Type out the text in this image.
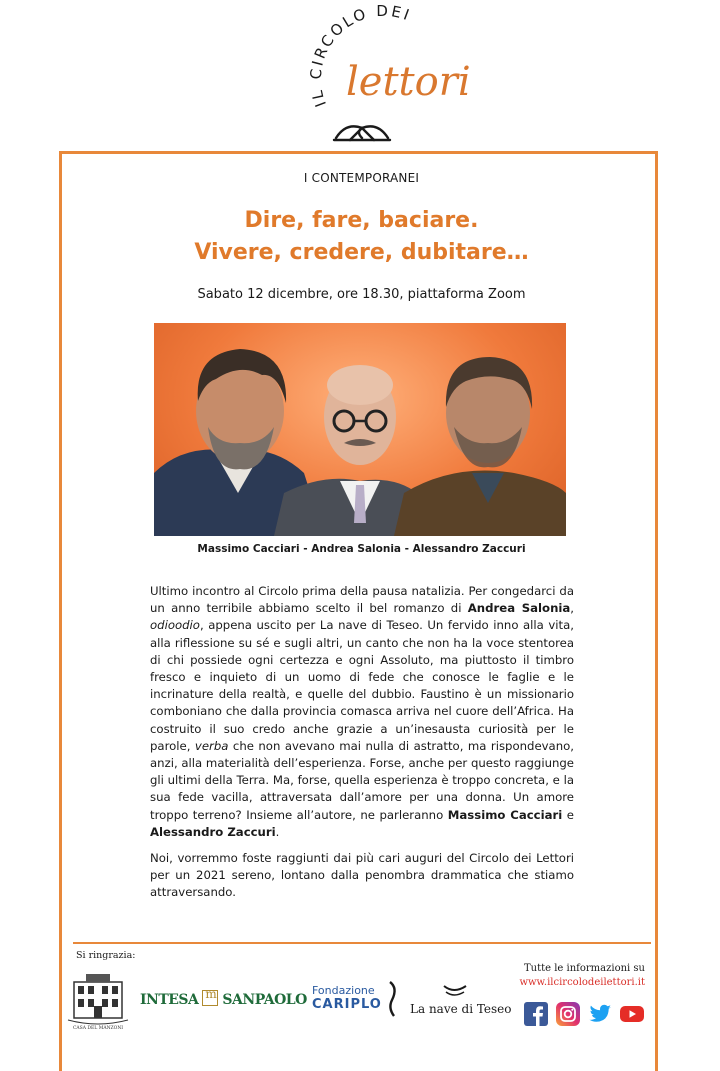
IL CIRCOLO DEI
lettori
I CONTEMPORANEI
Dire, fare, baciare.
Vivere, credere, dubitare…
Sabato 12 dicembre, ore 18.30, piattaforma Zoom
Massimo Cacciari - Andrea Salonia - Alessandro Zaccuri

Ultimo incontro al Circolo prima della pausa natalizia. Per congedarci da un anno terribile abbiamo scelto il bel romanzo di Andrea Salonia, odioodio, appena uscito per La nave di Teseo. Un fervido inno alla vita, alla riflessione su sé e sugli altri, un canto che non ha la voce stentorea di chi possiede ogni certezza e ogni Assoluto, ma piuttosto il timbro fresco e inquieto di un uomo di fede che conosce le faglie e le incrinature della realtà, e quelle del dubbio. Faustino è un missionario comboniano che dalla provincia comasca arriva nel cuore dell’Africa. Ha costruito il suo credo anche grazie a un’inesausta curiosità per le parole, verba che non avevano mai nulla di astratto, ma rispondevano, anzi, alla materialità dell’esperienza. Forse, anche per questo raggiunge gli ultimi della Terra. Ma, forse, quella esperienza è troppo concreta, e la sua fede vacilla, attraversata dall’amore per una donna. Un amore troppo terreno? Insieme all’autore, ne parleranno Massimo Cacciari e Alessandro Zaccuri.

Noi, vorremmo foste raggiunti dai più cari auguri del Circolo dei Lettori per un 2021 sereno, lontano dalla penombra drammatica che stiamo attraversando.

Si ringrazia:
CASA DEL MANZONI
INTESAm SANPAOLO
Fondazione
CARIPLO La nave di Teseo
Tutte le informazioni su
www.ilcircolodeilettori.it
